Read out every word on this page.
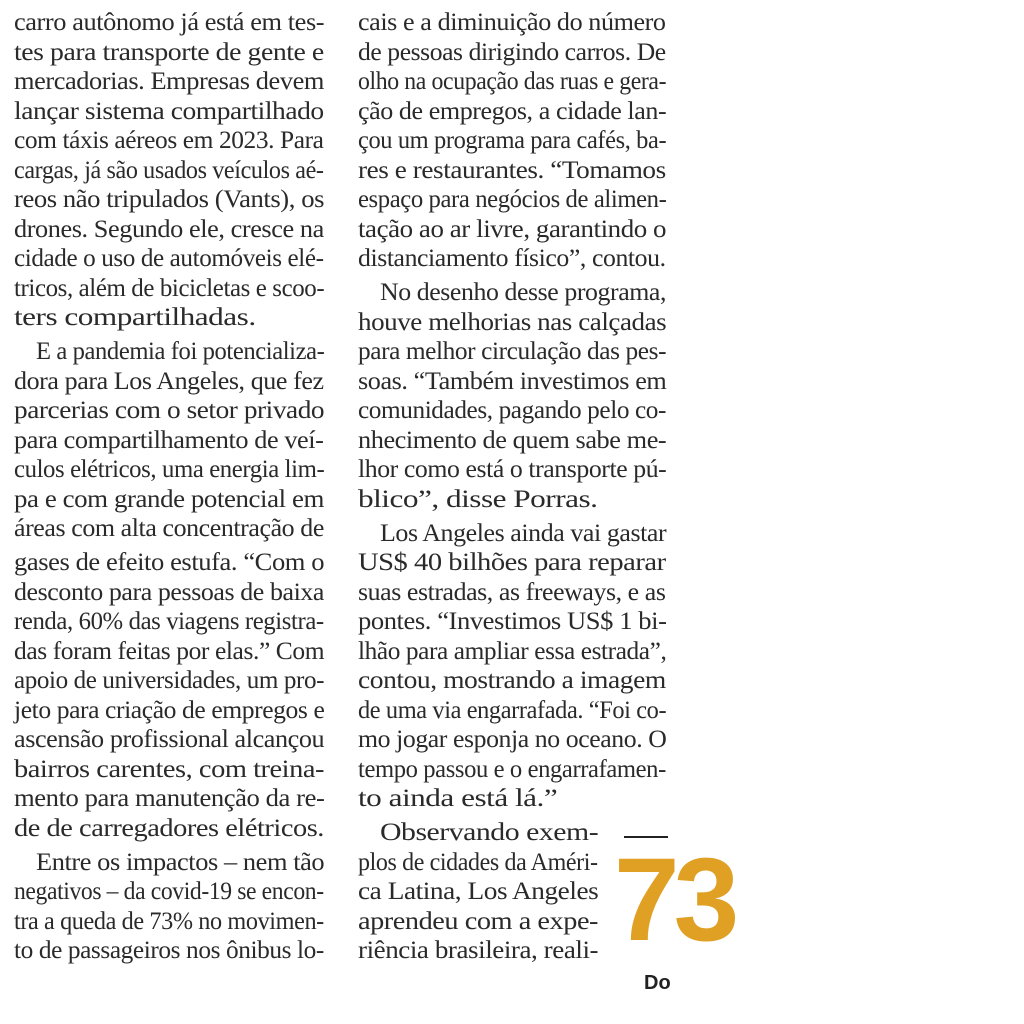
carro autônomo já está em tes-
tes para transporte de gente e
mercadorias. Empresas devem
lançar sistema compartilhado
com táxis aéreos em 2023. Para
cargas, já são usados veículos aé-
reos não tripulados (Vants), os
drones. Segundo ele, cresce na
cidade o uso de automóveis elé-
tricos, além de bicicletas e scoo-
ters compartilhadas.
E a pandemia foi potencializa-
dora para Los Angeles, que fez
parcerias com o setor privado
para compartilhamento de veí-
culos elétricos, uma energia lim-
pa e com grande potencial em
áreas com alta concentração de
gases de efeito estufa. “Com o
desconto para pessoas de baixa
renda, 60% das viagens registra-
das foram feitas por elas.” Com
apoio de universidades, um pro-
jeto para criação de empregos e
ascensão profissional alcançou
bairros carentes, com treina-
mento para manutenção da re-
de de carregadores elétricos.
Entre os impactos – nem tão
negativos – da covid-19 se encon-
tra a queda de 73% no movimen-
to de passageiros nos ônibus lo-
cais e a diminuição do número
de pessoas dirigindo carros. De
olho na ocupação das ruas e gera-
ção de empregos, a cidade lan-
çou um programa para cafés, ba-
res e restaurantes. “Tomamos
espaço para negócios de alimen-
tação ao ar livre, garantindo o
distanciamento físico”, contou.
No desenho desse programa,
houve melhorias nas calçadas
para melhor circulação das pes-
soas. “Também investimos em
comunidades, pagando pelo co-
nhecimento de quem sabe me-
lhor como está o transporte pú-
blico”, disse Porras.
Los Angeles ainda vai gastar
US$ 40 bilhões para reparar
suas estradas, as freeways, e as
pontes. “Investimos US$ 1 bi-
lhão para ampliar essa estrada”,
contou, mostrando a imagem
de uma via engarrafada. “Foi co-
mo jogar esponja no oceano. O
tempo passou e o engarrafamen-
to ainda está lá.”
Observando exem-
plos de cidades da Améri-
ca Latina, Los Angeles
aprendeu com a expe-
riência brasileira, reali- 73
Do
